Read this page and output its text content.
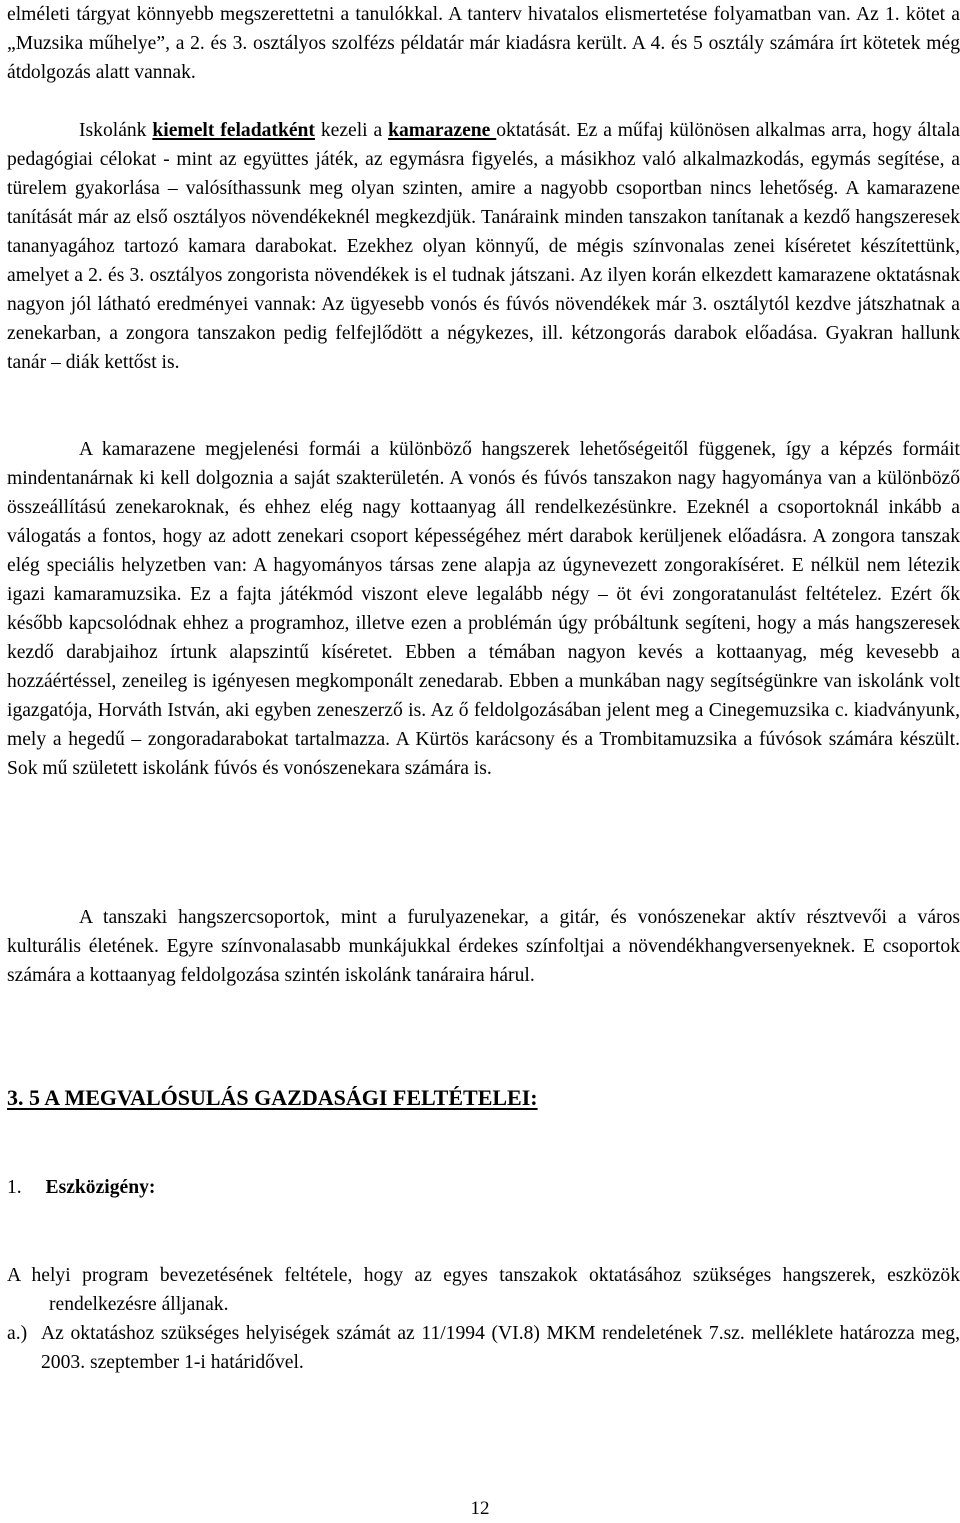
elméleti tárgyat könnyebb megszerettetni a tanulókkal. A tanterv hivatalos elismertetése folyamatban van. Az 1. kötet a „Muzsika műhelye”, a 2. és 3. osztályos szolfézs példatár már kiadásra került. A 4. és 5 osztály számára írt kötetek még átdolgozás alatt vannak.

Iskolánk kiemelt feladatként kezeli a kamarazene oktatását. Ez a műfaj különösen alkalmas arra, hogy általa pedagógiai célokat - mint az együttes játék, az egymásra figyelés, a másikhoz való alkalmazkodás, egymás segítése, a türelem gyakorlása – valósíthassunk meg olyan szinten, amire a nagyobb csoportban nincs lehetőség. A kamarazene tanítását már az első osztályos növendékeknél megkezdjük. Tanáraink minden tanszakon tanítanak a kezdő hangszeresek tananyagához tartozó kamara darabokat. Ezekhez olyan könnyű, de mégis színvonalas zenei kíséretet készítettünk, amelyet a 2. és 3. osztályos zongorista növendékek is el tudnak játszani. Az ilyen korán elkezdett kamarazene oktatásnak nagyon jól látható eredményei vannak: Az ügyesebb vonós és fúvós növendékek már 3. osztálytól kezdve játszhatnak a zenekarban, a zongora tanszakon pedig felfejlődött a négykezes, ill. kétzongorás darabok előadása. Gyakran hallunk tanár – diák kettőst is.

A kamarazene megjelenési formái a különböző hangszerek lehetőségeitől függenek, így a képzés formáit mindentanárnak ki kell dolgoznia a saját szakterületén. A vonós és fúvós tanszakon nagy hagyománya van a különböző összeállítású zenekaroknak, és ehhez elég nagy kottaanyag áll rendelkezésünkre. Ezeknél a csoportoknál inkább a válogatás a fontos, hogy az adott zenekari csoport képességéhez mért darabok kerüljenek előadásra. A zongora tanszak elég speciális helyzetben van: A hagyományos társas zene alapja az úgynevezett zongorakíséret. E nélkül nem létezik igazi kamaramuzsika. Ez a fajta játékmód viszont eleve legalább négy – öt évi zongoratanulást feltételez. Ezért ők később kapcsolódnak ehhez a programhoz, illetve ezen a problémán úgy próbáltunk segíteni, hogy a más hangszeresek kezdő darabjaihoz írtunk alapszintű kíséretet. Ebben a témában nagyon kevés a kottaanyag, még kevesebb a hozzáértéssel, zeneileg is igényesen megkomponált zenedarab. Ebben a munkában nagy segítségünkre van iskolánk volt igazgatója, Horváth István, aki egyben zeneszerző is. Az ő feldolgozásában jelent meg a Cinegemuzsika c. kiadványunk, mely a hegedű – zongoradarabokat tartalmazza. A Kürtös karácsony és a Trombitamuzsika a fúvósok számára készült. Sok mű született iskolánk fúvós és vonószenekara számára is.

A tanszaki hangszercsoportok, mint a furulyazenekar, a gitár, és vonószenekar aktív résztvevői a város kulturális életének. Egyre színvonalasabb munkájukkal érdekes színfoltjai a növendékhangversenyeknek. E csoportok számára a kottaanyag feldolgozása szintén iskolánk tanáraira hárul.

3. 5 A MEGVALÓSULÁS GAZDASÁGI FELTÉTELEI:
1. Eszközigény:

A helyi program bevezetésének feltétele, hogy az egyes tanszakok oktatásához szükséges hangszerek, eszközök rendelkezésre álljanak.

a.) Az oktatáshoz szükséges helyiségek számát az 11/1994 (VI.8) MKM rendeletének 7.sz. melléklete határozza meg, 2003. szeptember 1-i határidővel.
12
